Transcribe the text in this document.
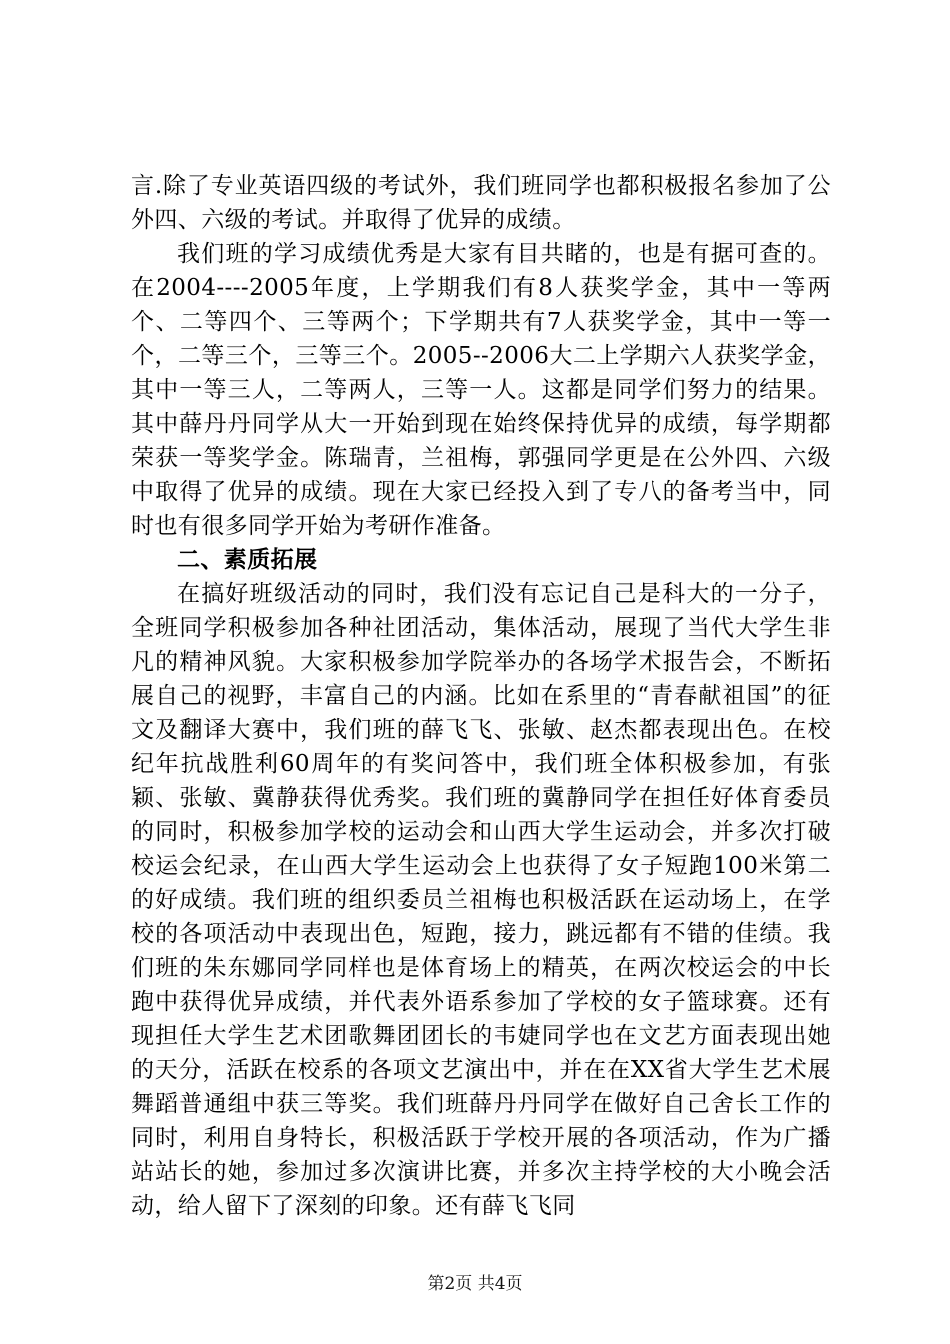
言.除了专业英语四级的考试外，我们班同学也都积极报名参加了公外四、六级的考试。并取得了优异的成绩。

我们班的学习成绩优秀是大家有目共睹的，也是有据可查的。在2004----2005年度，上学期我们有8人获奖学金，其中一等两个、二等四个、三等两个；下学期共有7人获奖学金，其中一等一个，二等三个，三等三个。2005--2006大二上学期六人获奖学金，其中一等三人，二等两人，三等一人。这都是同学们努力的结果。其中薛丹丹同学从大一开始到现在始终保持优异的成绩，每学期都荣获一等奖学金。陈瑞青，兰祖梅，郭强同学更是在公外四、六级中取得了优异的成绩。现在大家已经投入到了专八的备考当中，同时也有很多同学开始为考研作准备。

二、素质拓展

在搞好班级活动的同时，我们没有忘记自己是科大的一分子，全班同学积极参加各种社团活动，集体活动，展现了当代大学生非凡的精神风貌。大家积极参加学院举办的各场学术报告会，不断拓展自己的视野，丰富自己的内涵。比如在系里的“青春献祖国”的征文及翻译大赛中，我们班的薛飞飞、张敏、赵杰都表现出色。在校纪年抗战胜利60周年的有奖问答中，我们班全体积极参加，有张颖、张敏、冀静获得优秀奖。我们班的冀静同学在担任好体育委员的同时，积极参加学校的运动会和山西大学生运动会，并多次打破校运会纪录，在山西大学生运动会上也获得了女子短跑100米第二的好成绩。我们班的组织委员兰祖梅也积极活跃在运动场上，在学校的各项活动中表现出色，短跑，接力，跳远都有不错的佳绩。我们班的朱东娜同学同样也是体育场上的精英，在两次校运会的中长跑中获得优异成绩，并代表外语系参加了学校的女子篮球赛。还有现担任大学生艺术团歌舞团团长的韦婕同学也在文艺方面表现出她的天分，活跃在校系的各项文艺演出中，并在在XX省大学生艺术展舞蹈普通组中获三等奖。我们班薛丹丹同学在做好自己舍长工作的同时，利用自身特长，积极活跃于学校开展的各项活动，作为广播站站长的她，参加过多次演讲比赛，并多次主持学校的大小晚会活动，给人留下了深刻的印象。还有薛飞飞同

第2页 共4页
